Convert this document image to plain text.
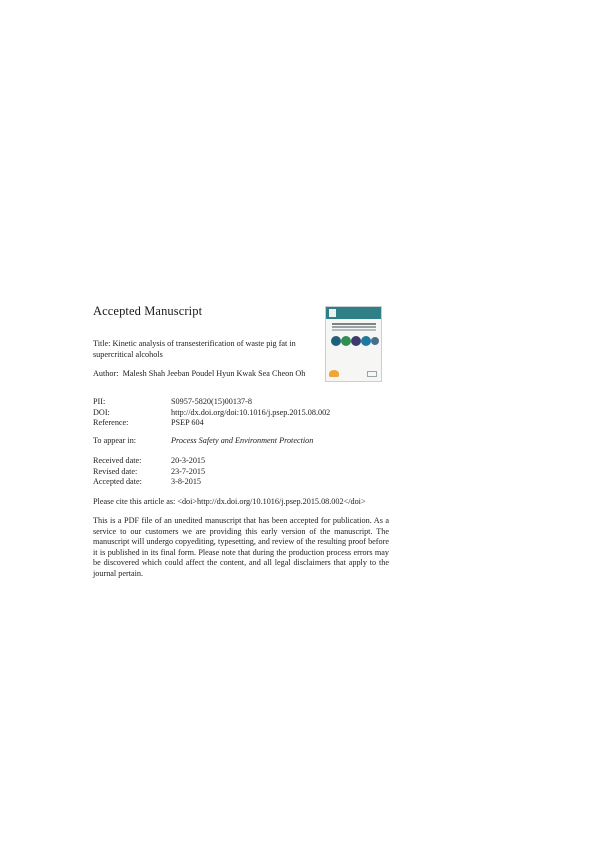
Accepted Manuscript
Title: Kinetic analysis of transesterification of waste pig fat in supercritical alcohols
Author: Malesh Shah Jeeban Poudel Hyun Kwak Sea Cheon Oh
PII:	S0957-5820(15)00137-8
DOI:	http://dx.doi.org/doi:10.1016/j.psep.2015.08.002
Reference:	PSEP 604
To appear in:	Process Safety and Environment Protection
Received date:	20-3-2015
Revised date:	23-7-2015
Accepted date:	3-8-2015
Please cite this article as: <doi>http://dx.doi.org/10.1016/j.psep.2015.08.002</doi>
This is a PDF file of an unedited manuscript that has been accepted for publication. As a service to our customers we are providing this early version of the manuscript. The manuscript will undergo copyediting, typesetting, and review of the resulting proof before it is published in its final form. Please note that during the production process errors may be discovered which could affect the content, and all legal disclaimers that apply to the journal pertain.
